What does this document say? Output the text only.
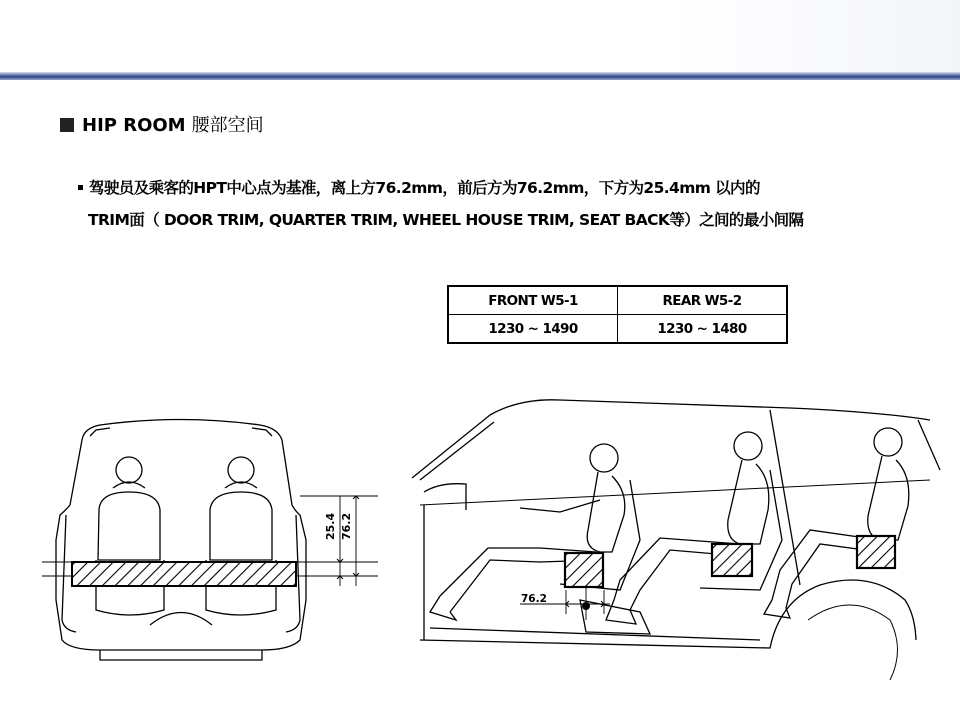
HIP ROOM 腰部空间
驾驶员及乘客的HPT中心点为基准，离上方76.2mm，前后方为76.2mm，下方为25.4mm 以内的
TRIM面（ DOOR TRIM, QUARTER TRIM, WHEEL HOUSE TRIM, SEAT BACK等）之间的最小间隔
FRONT W5-1	REAR W5-2
1230 ~ 1490	1230 ~ 1480
25.4 76.2
76.2
